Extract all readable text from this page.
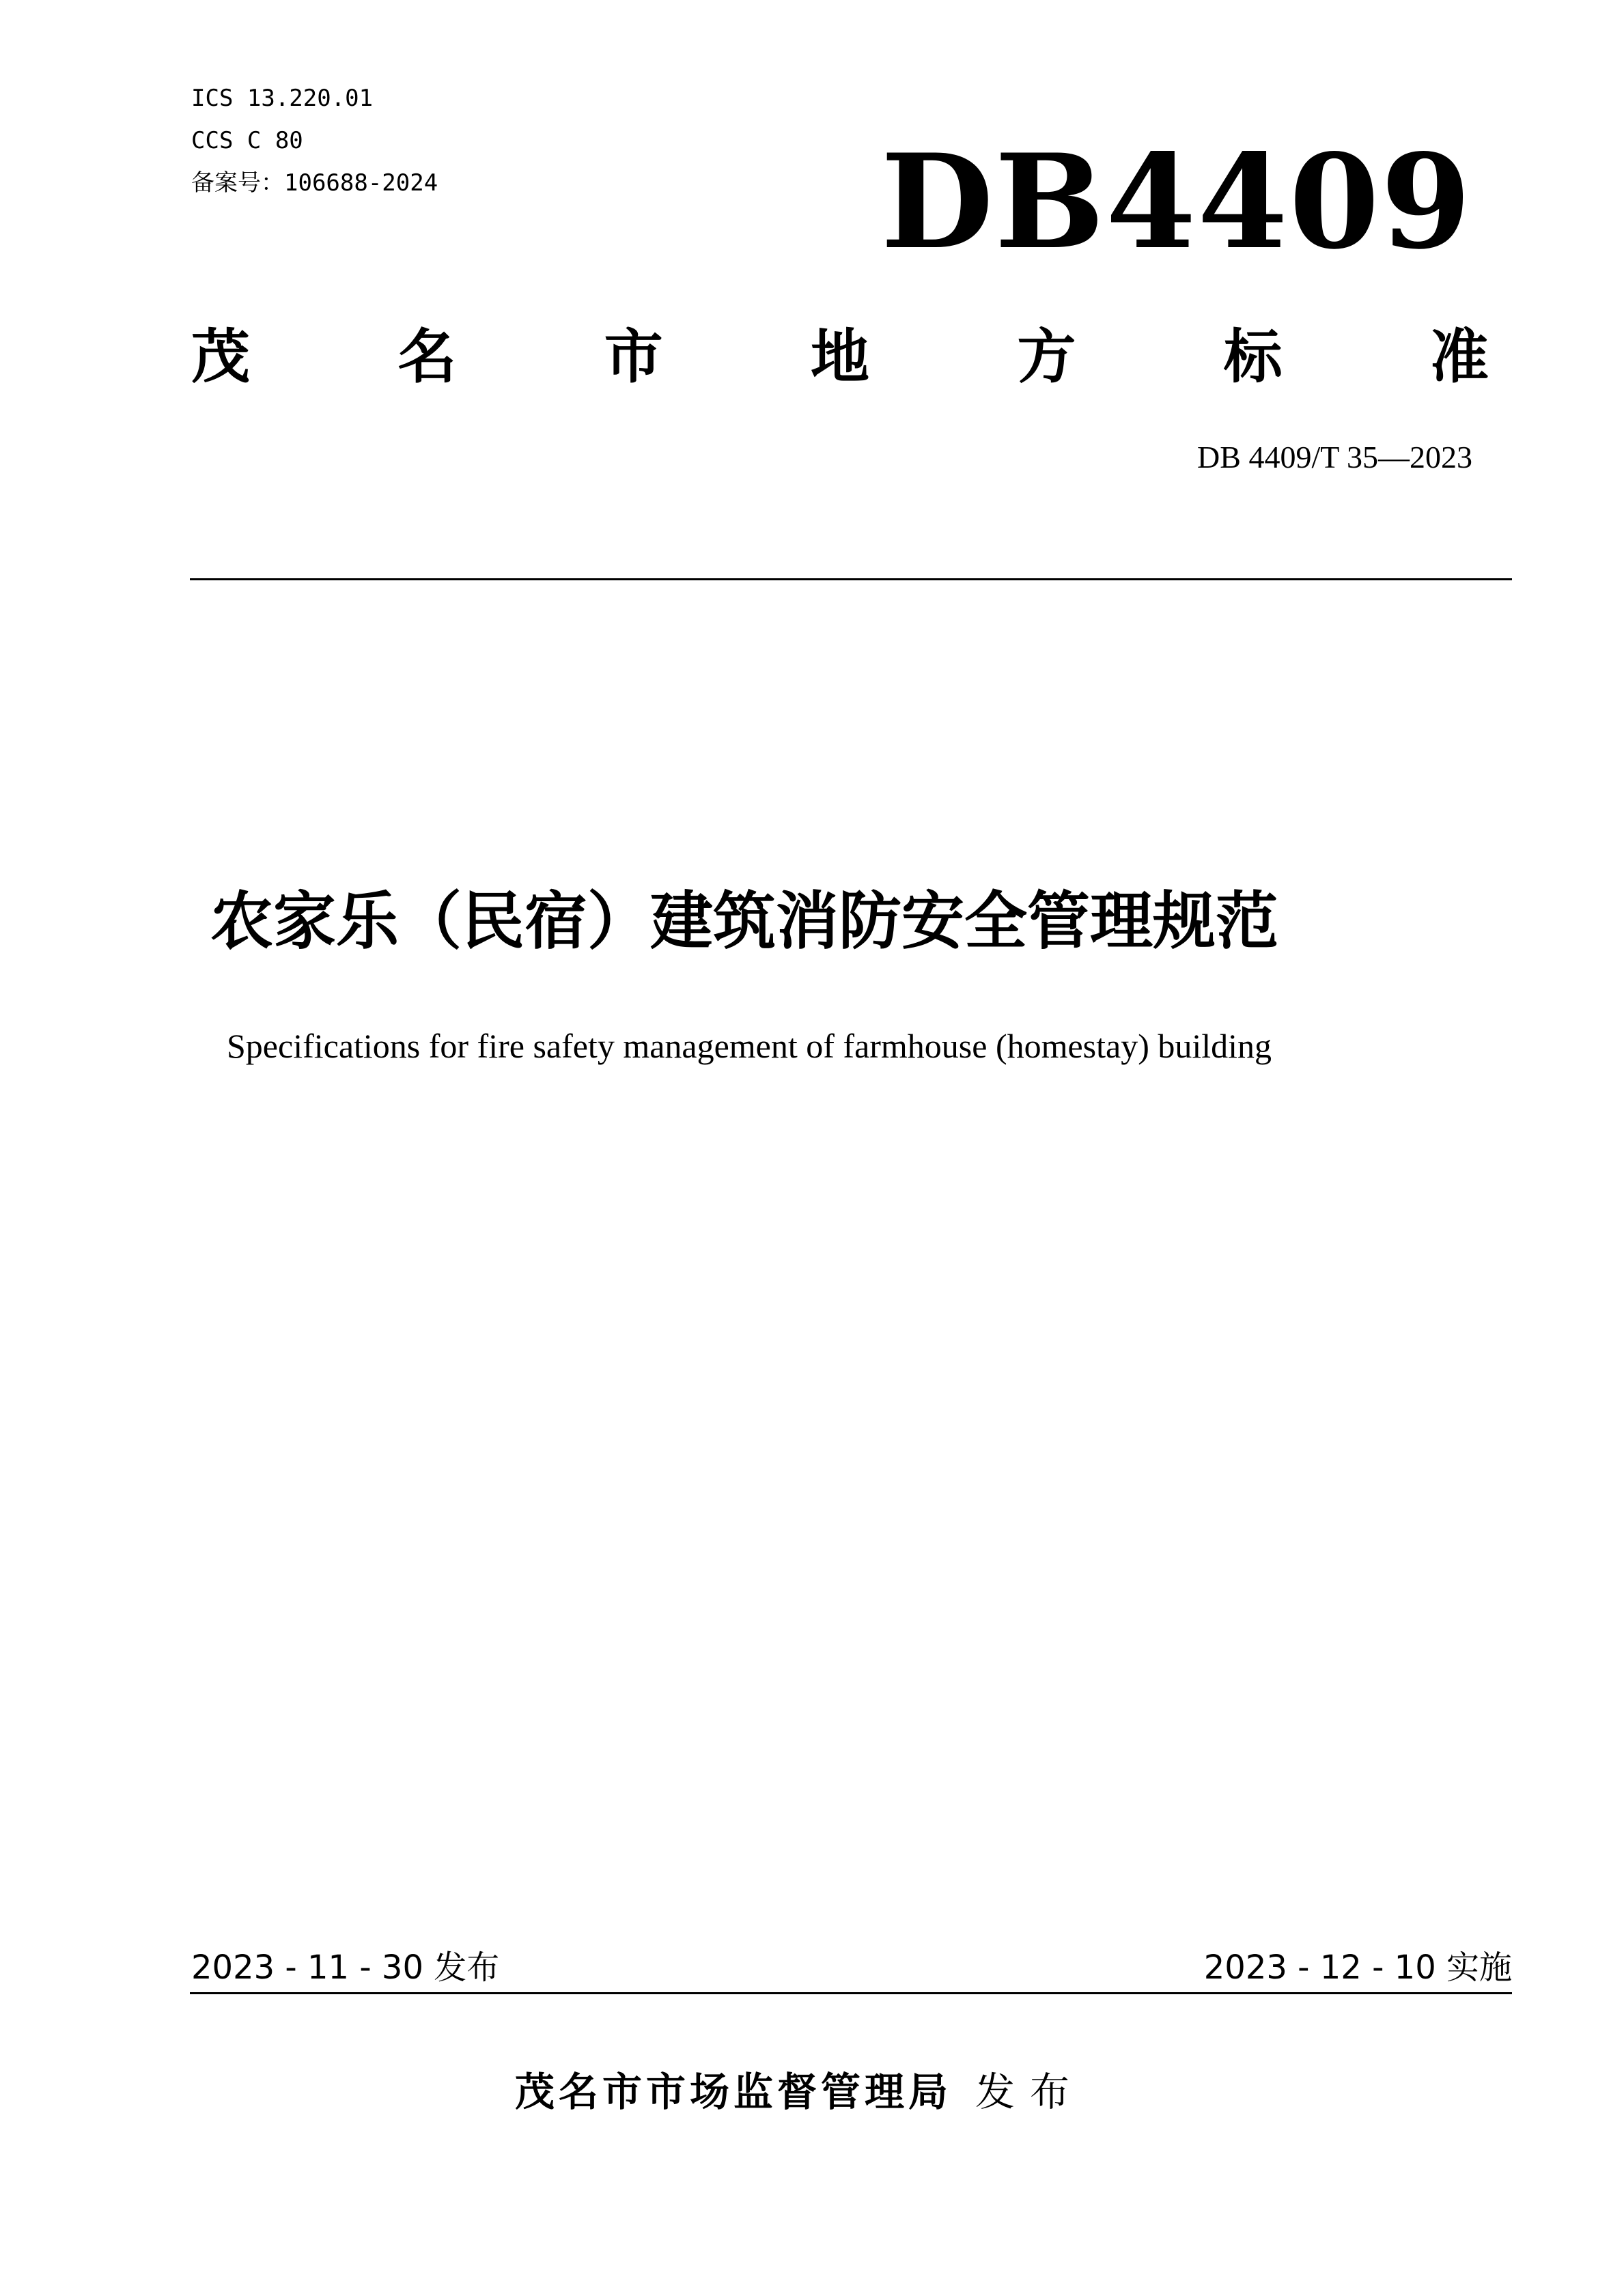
ICS 13.220.01
CCS C 80
备案号：106688-2024	DB4409
茂	名	市	地	方	标	准
DB 4409/T 35—2023
农家乐（民宿）建筑消防安全管理规范
Specifications for fire safety management of farmhouse (homestay) building
2023 - 11 - 30 发布	2023 - 12 - 10 实施
茂名市市场监督管理局 发布
